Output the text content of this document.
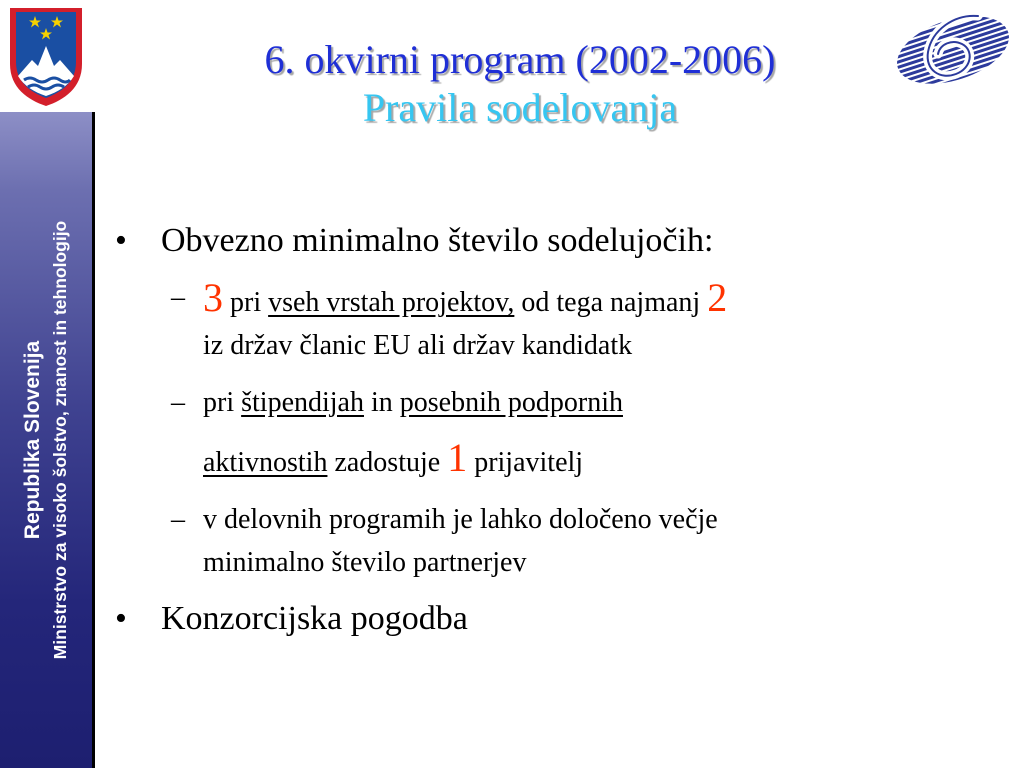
Republika Slovenija Ministrstvo za visoko šolstvo, znanost in tehnologijo
6. okvirni program (2002-2006)
Pravila sodelovanja
• Obvezno minimalno število sodelujočih:
– 3 pri vseh vrstah projektov, od tega najmanj 2
iz držav članic EU ali držav kandidatk
– pri štipendijah in posebnih podpornih
aktivnostih zadostuje 1 prijavitelj
– v delovnih programih je lahko določeno večje
minimalno število partnerjev
• Konzorcijska pogodba
